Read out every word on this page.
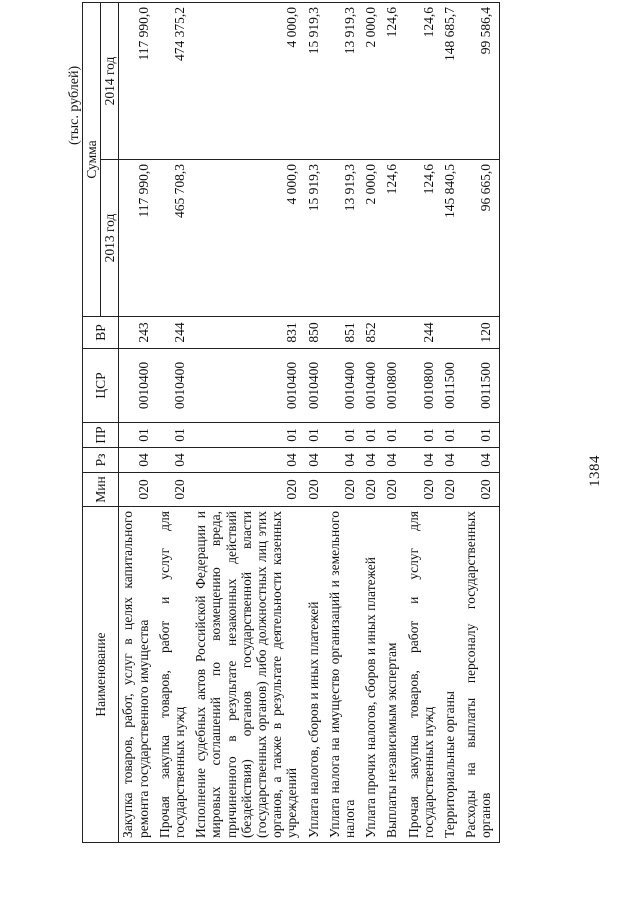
1384
(тыс. рублей)
Наименование	Мин	Рз	ПР	ЦСР	ВР	Сумма	
						2013 год	2014 год
Закупка товаров, работ, услуг в целях капитального ремонта государственного имущества	020	04	01	0010400	243	117 990,0	117 990,0
Прочая закупка товаров, работ и услуг для государственных нужд	020	04	01	0010400	244	465 708,3	474 375,2
Исполнение судебных актов Российской Федерации и мировых соглашений по возмещению вреда, причиненного в результате незаконных действий (бездействия) органов государственной власти (государственных органов) либо должностных лиц этих органов, а также в результате деятельности казенных учреждений	020	04	01	0010400	831	4 000,0	4 000,0
Уплата налогов, сборов и иных платежей	020	04	01	0010400	850	15 919,3	15 919,3
Уплата налога на имущество организаций и земельного налога	020	04	01	0010400	851	13 919,3	13 919,3
Уплата прочих налогов, сборов и иных платежей	020	04	01	0010400	852	2 000,0	2 000,0
Выплаты независимым экспертам	020	04	01	0010800		124,6	124,6
Прочая закупка товаров, работ и услуг для государственных нужд	020	04	01	0010800	244	124,6	124,6
Территориальные органы	020	04	01	0011500		145 840,5	148 685,7
Расходы на выплаты персоналу государственных органов	020	04	01	0011500	120	96 665,0	99 586,4
